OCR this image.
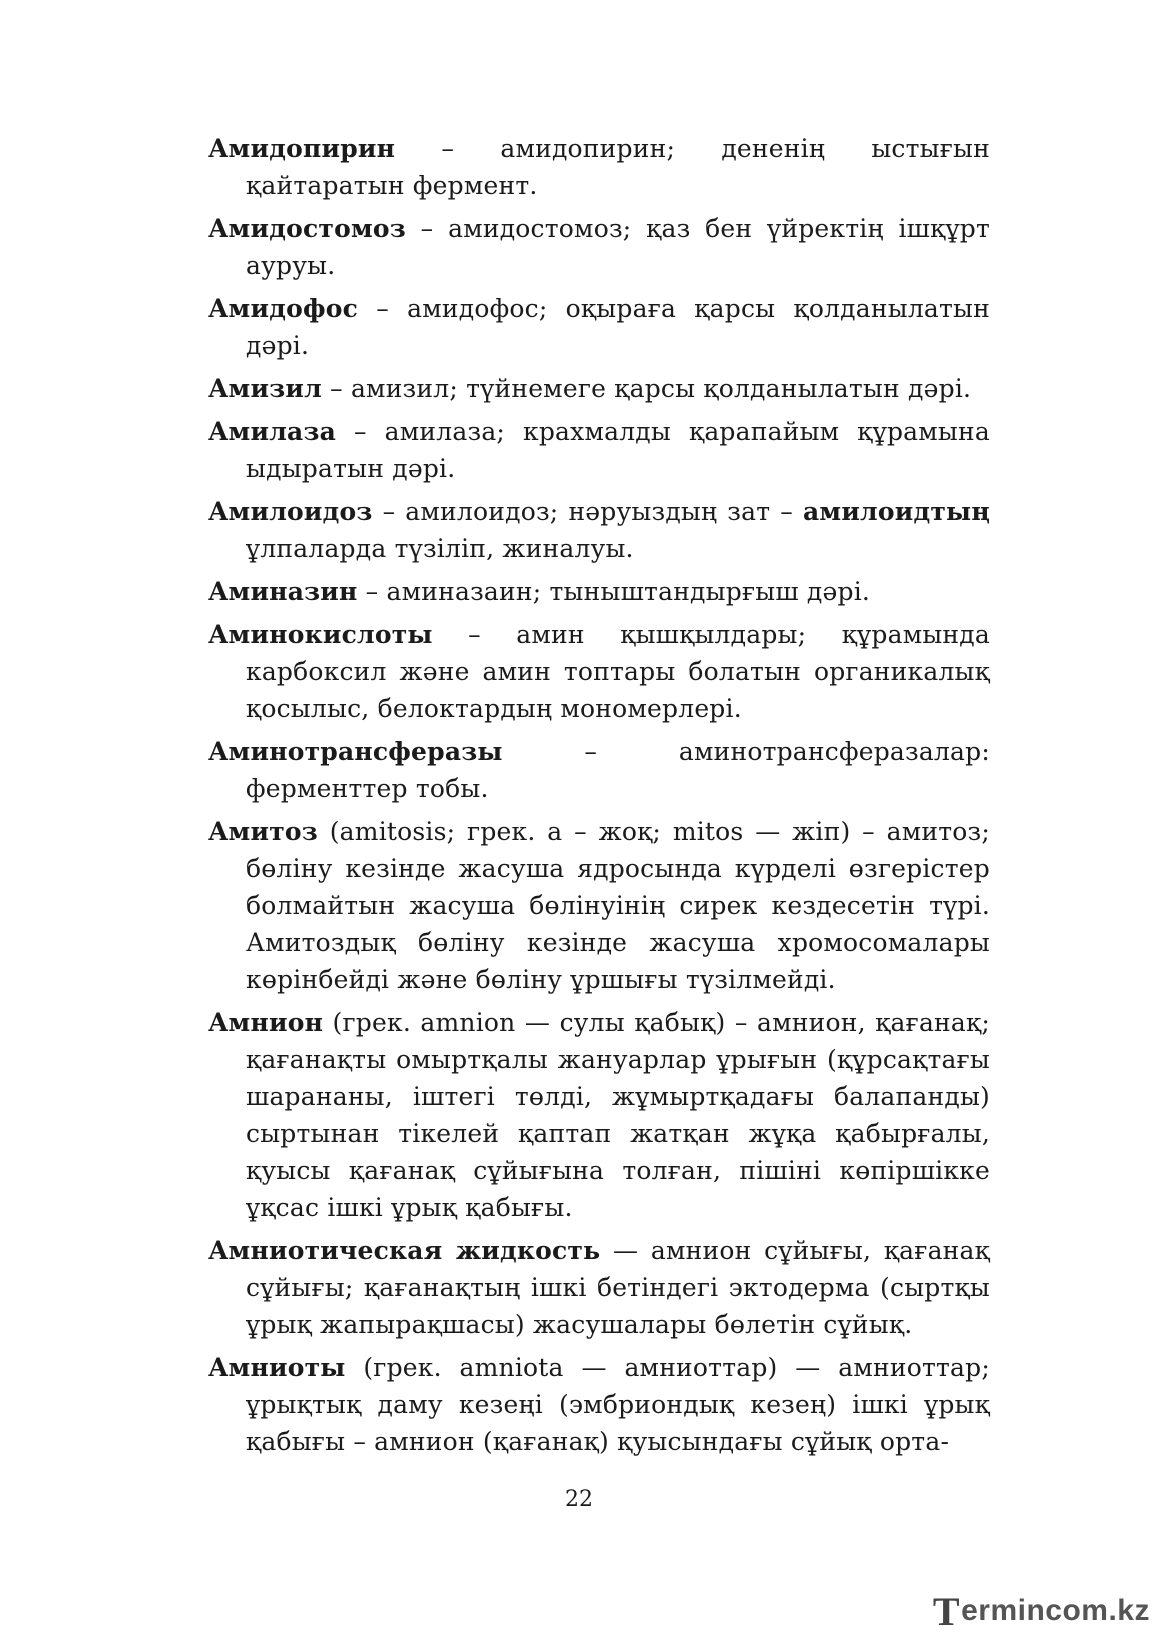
Амидопирин – амидопирин; дененің ыстығын қайтаратын фермент.

Амидостомоз – амидостомоз; қаз бен үйректің ішқұрт ауруы.

Амидофос – амидофос; оқыраға қарсы қолданылатын дәрі.

Амизил – амизил; түйнемеге қарсы қолданылатын дәрі.

Амилаза – амилаза; крахмалды қарапайым құрамына ыдыратын дәрі.

Амилоидоз – амилоидоз; нәруыздың зат – амилоидтың ұлпаларда түзіліп, жиналуы.

Аминазин – аминазаин; тыныштандырғыш дәрі.

Аминокислоты – амин қышқылдары; құрамында карбоксил және амин топтары болатын органикалық қосылыс, белоктардың мономерлері.

Аминотрансферазы – аминотрансферазалар: ферменттер тобы.

Амитоз (amitosis; грек. а – жоқ; mitos — жіп) – амитоз; бөліну кезінде жасуша ядросында күрделі өзгерістер болмайтын жасуша бөлінуінің сирек кездесетін түрі. Амитоздық бөліну кезінде жасуша хромосомалары көрінбейді және бөліну ұршығы түзілмейді.

Амнион (грек. amnion — сулы қабық) – амнион, қағанақ; қағанақты омыртқалы жануарлар ұрығын (құрсақтағы шарананы, іштегі төлді, жұмыртқадағы балапанды) сыртынан тікелей қаптап жатқан жұқа қабырғалы, қуысы қағанақ сұйығына толған, пішіні көпіршікке ұқсас ішкі ұрық қабығы.

Амниотическая жидкость — амнион сұйығы, қағанақ сұйығы; қағанақтың ішкі бетіндегі эктодерма (сыртқы ұрық жапырақшасы) жасушалары бөлетін сұйық.

Амниоты (грек. amniota — амниоттар) — амниоттар; ұрықтық даму кезеңі (эмбриондық кезең) ішкі ұрық қабығы – амнион (қағанақ) қуысындағы сұйық орта-

22
T erminc o m.kz
